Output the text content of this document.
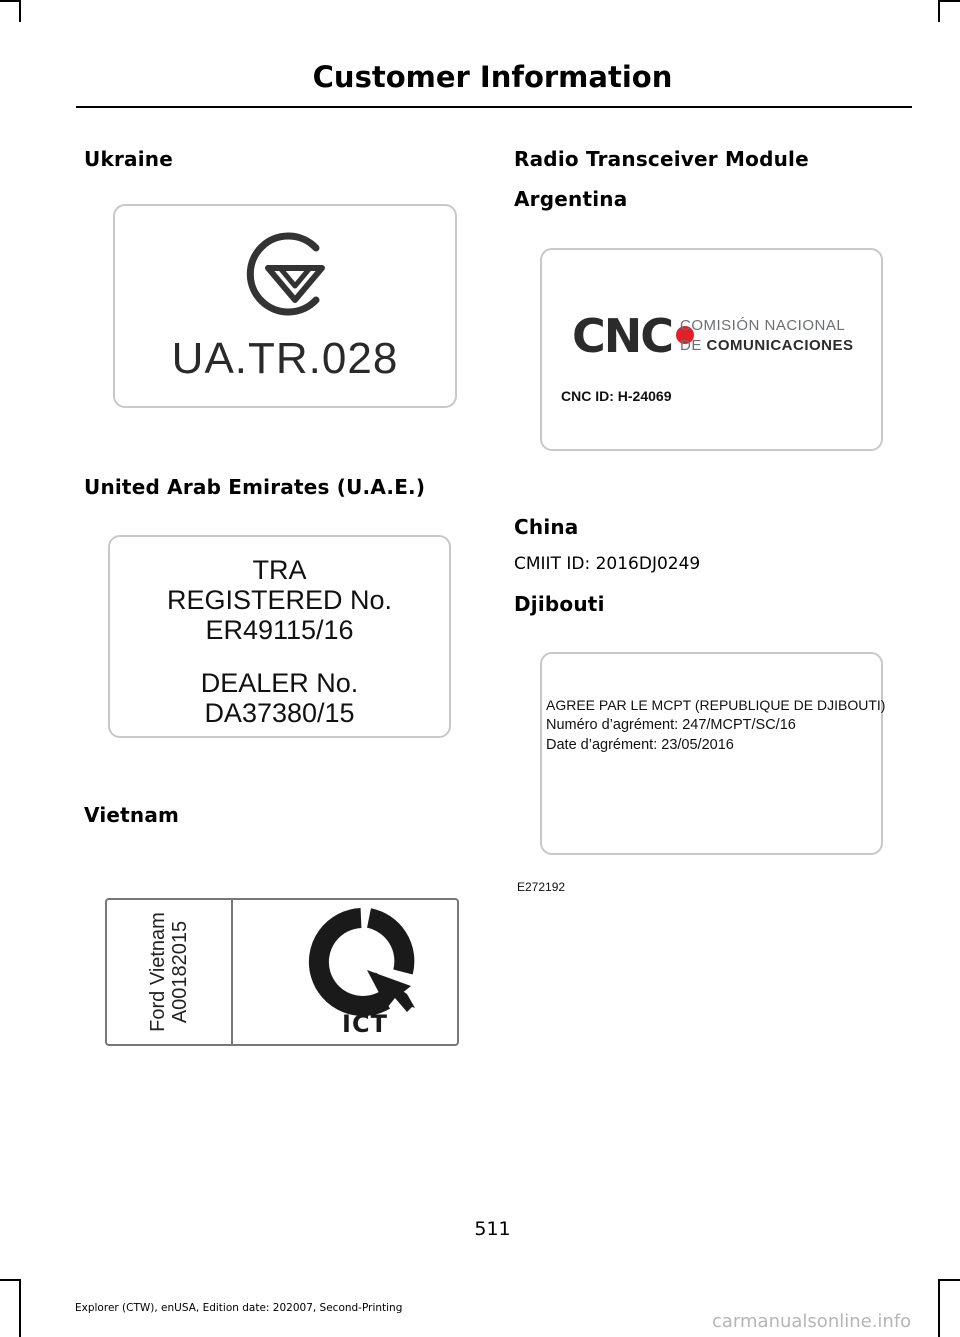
Customer Information
Ukraine
UA.TR.028
United Arab Emirates (U.A.E.)
TRA
REGISTERED No.
ER49115/16
DEALER No.
DA37380/15
Vietnam
Ford Vietnam A00182015
ICT
Radio Transceiver Module
Argentina
CNC COMISIÓN NACIONAL
DE COMUNICACIONES
CNC ID: H-24069
China
CMIIT ID: 2016DJ0249
Djibouti
AGREE PAR LE MCPT (REPUBLIQUE DE DJIBOUTI)
Numéro d’agrément: 247/MCPT/SC/16
Date d’agrément: 23/05/2016
E272192
511
Explorer (CTW), enUSA, Edition date: 202007, Second-Printing
carmanualsonline.info
